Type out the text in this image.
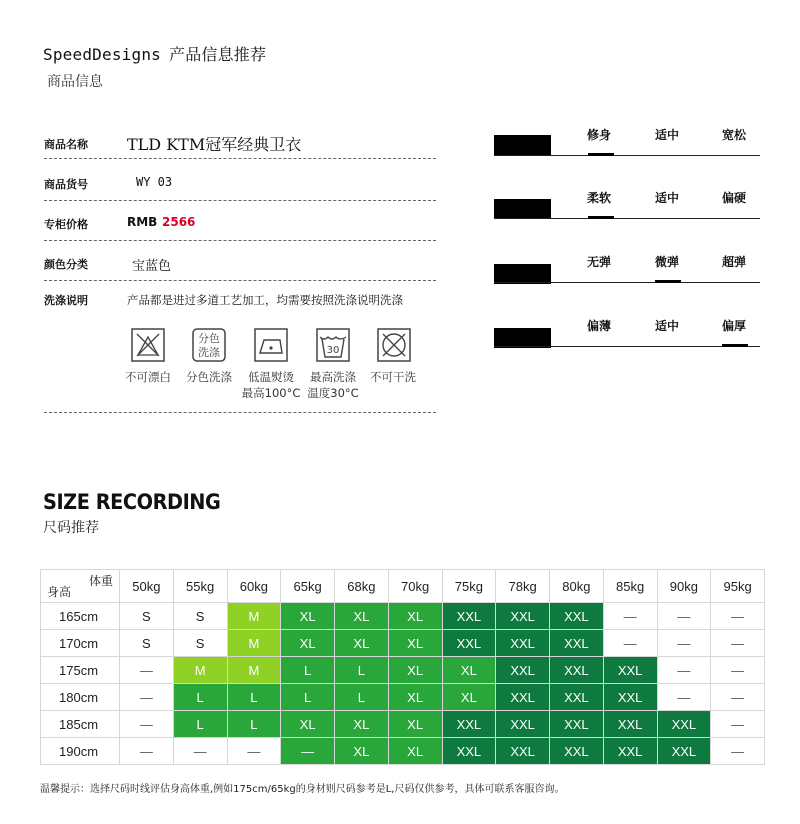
SpeedDesigns 产品信息推荐
商品信息
商品名称 TLD KTM冠军经典卫衣
商品货号	WY 03
专柜价格	RMB 2566
颜色分类	宝蓝色
洗涤说明	产品都是进过多道工艺加工，均需要按照洗涤说明洗涤
分色
洗涤	30
不可漂白	分色洗涤	低温熨烫
最高100°C
最高洗涤
温度30°C
不可干洗
修身	适中	宽松
柔软	适中	偏硬
无弹	微弹	超弹
偏薄	适中	偏厚
SIZE RECORDING
尺码推荐
体重
身高	50kg	55kg	60kg	65kg	68kg	70kg	75kg	78kg	80kg	85kg	90kg	95kg
165cm	S	S	M	XL	XL	XL	XXL	XXL	XXL	—	—	—
170cm	S	S	M	XL	XL	XL	XXL	XXL	XXL	—	—	—
175cm	—	M	M	L	L	XL	XL	XXL	XXL	XXL	—	—
180cm	—	L	L	L	L	XL	XL	XXL	XXL	XXL	—	—
185cm	—	L	L	XL	XL	XL	XXL	XXL	XXL	XXL	XXL	—
190cm	—	—	—	—	XL	XL	XXL	XXL	XXL	XXL	XXL	—
温馨提示：选择尺码时线评估身高体重,例如175cm/65kg的身材则尺码参考是L,尺码仅供参考，具体可联系客服咨询。
